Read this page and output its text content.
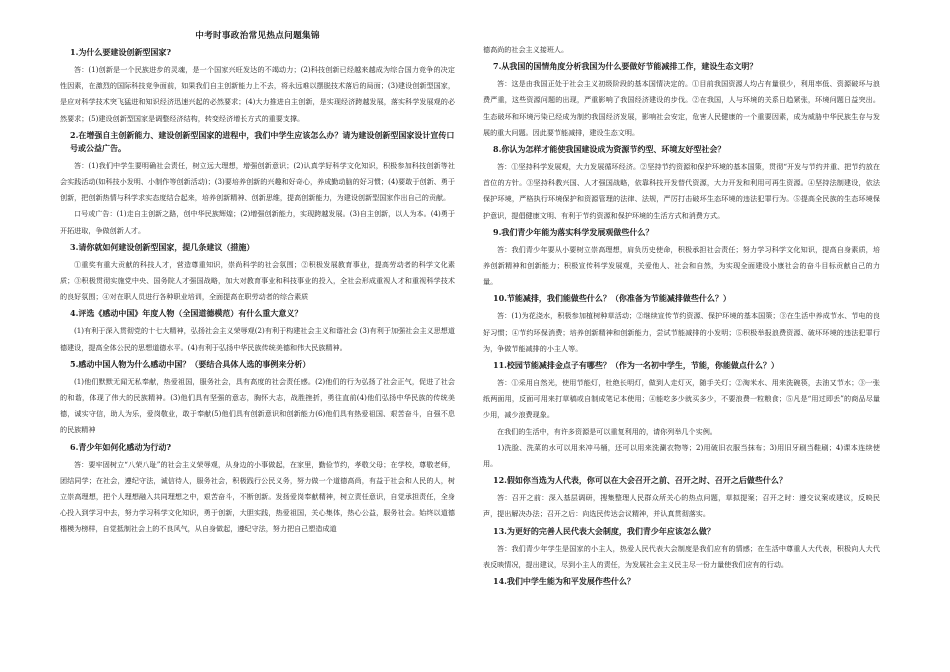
中考时事政治常见热点问题集锦
1.为什么要建设创新型国家?

答：(1)创新是一个民族进步的灵魂，是一个国家兴旺发达的不竭动力；(2)科技创新已经越来越成为综合国力竞争的决定性因素，在激烈的国际科技竞争面前，如果我们自主创新能力上不去，将永远难以摆脱技术落后的局面；(3)建设创新型国家，是应对科学技术突飞猛进和知识经济迅速兴起的必然要求；(4)大力推进自主创新，是实现经济跨越发展，落实科学发展观的必然要求；(5)建设创新型国家是调整经济结构，转变经济增长方式的重要支撑。

2.在增强自主创新能力、建设创新型国家的进程中，我们中学生应该怎么办？请为建设创新型国家设计宣传口号或公益广告。

答：(1)我们中学生要明确社会责任，树立远大理想，增强创新意识；(2)认真学好科学文化知识，积极参加科技创新等社会实践活动(如科技小发明、小制作等创新活动)；(3)要培养创新的兴趣和好奇心，养成勤动脑的好习惯；(4)要敢于创新、勇于创新，把创新热情与科学求实态度结合起来，培养创新精神、创新思维，提高创新能力，为建设创新型国家作出自己的贡献。

口号或广告：(1)走自主创新之路，创中华民族辉煌；(2)增强创新能力，实现跨越发展。(3)自主创新，以人为本。(4)勇于开拓进取，争做创新人才。

3.请你就如何建设创新型国家，提几条建议（措施）

①重奖有重大贡献的科技人才，营造尊重知识，崇尚科学的社会氛围；②积极发展教育事业，提高劳动者的科学文化素质；③积极贯彻实施党中央、国务院人才强国战略，加大对教育事业和科技事业的投入，全社会形成重视人才和重视科学技术的良好氛围；④对在职人员进行各种职业培训，全面提高在职劳动者的综合素质

4.评选《感动中国》年度人物（全国道德模范）有什么重大意义？

(1)有利于深入贯彻党的十七大精神，弘扬社会主义荣辱观(2)有利于构建社会主义和谐社会 (3)有利于加强社会主义思想道德建设，提高全体公民的思想道德水平。(4)有利于弘扬中华民族传统美德和伟大民族精神。

5.感动中国人物为什么感动中国？（要结合具体人选的事例来分析）

(1)他们默默无闻无私奉献，热爱祖国，服务社会，具有高度的社会责任感。(2)他们的行为弘扬了社会正气，促进了社会的和谐，体现了伟大的民族精神。(3)他们具有坚强的意志，胸怀大志，战胜挫折，勇往直前(4)他们弘扬中华民族的传统美德，诚实守信，助人为乐，爱岗敬业，敢于奉献(5)他们具有创新意识和创新能力(6)他们具有热爱祖国、艰苦奋斗，自强不息的民族精神

6.青少年如何化感动为行动?

答：要牢固树立“八荣八耻”的社会主义荣辱观，从身边的小事做起，在家里，勤俭节约，孝敬父母；在学校，尊敬老师，团结同学；在社会，遵纪守法，诚信待人，服务社会，积极践行公民义务，努力做一个道德高尚，有益于社会和人民的人，树立崇高理想，把个人理想融入共同理想之中，艰苦奋斗，不断创新。发扬爱岗奉献精神，树立责任意识，自觉承担责任，全身心投入到学习中去，努力学习科学文化知识，勇于创新，大胆实践，热爱祖国，关心集体，热心公益，服务社会。始终以道德楷模为榜样，自觉抵制社会上的不良风气，从自身做起，遵纪守法，努力把自己塑造成道

德高尚的社会主义接班人。

7.从我国的国情角度分析我国为什么要做好节能减排工作，建设生态文明？

答：这是由我国正处于社会主义初级阶段的基本国情决定的。①目前我国资源人均占有量很少，利用率低、资源破坏与浪费严重，这些资源问题的出现，严重影响了我国经济建设的步伐。②在我国，人与环境的关系日趋紧张，环境问题日益突出。生态破坏和环境污染已经成为制约我国经济发展，影响社会安定，危害人民健康的一个重要因素，成为威胁中华民族生存与发展的重大问题。因此要节能减排，建设生态文明。

8.你认为怎样才能使我国建设成为资源节约型、环境友好型社会？

答：①坚持科学发展观，大力发展循环经济。②坚持节约资源和保护环境的基本国策，贯彻“开发与节约并重、把节约放在首位的方针。③坚持科教兴国、人才强国战略，依靠科技开发替代资源，大力开发和利用可再生资源。④坚持法制建设，依法保护环境，严格执行环境保护和资源管理的法律、法规，严厉打击破坏生态环境的违法犯罪行为。⑤提高全民族的生态环境保护意识，提倡健康文明、有利于节约资源和保护环境的生活方式和消费方式。

9.我们青少年能为落实科学发展观做些什么？

答：我们青少年要从小要树立崇高理想，肩负历史使命，积极承担社会责任；努力学习科学文化知识，提高自身素质，培养创新精神和创新能力；积极宣传科学发展观，关爱他人、社会和自然，为实现全面建设小康社会的奋斗目标贡献自己的力量。

10.节能减排，我们能做些什么？（你准备为节能减排做些什么？）

答：(1)为花浇水，积极参加植树种草活动；②继续宣传节约资源、保护环境的基本国策；③在生活中养成节水、节电的良好习惯；④节约环保消费；培养创新精神和创新能力，尝试节能减排的小发明；⑤积极举报浪费资源、破坏环境的违法犯罪行为，争做节能减排的小主人等。

11.校园节能减排金点子有哪些？（作为一名初中学生，节能，你能做点什么？）

答：①采用自然光，使用节能灯，杜绝长明灯，做到人走灯灭，随手关灯；②淘米水、用来洗碗筷，去油又节水；③一张纸两面用，反面可用来打草稿或自制成笔记本使用；④能吃多少就买多少，不要浪费一粒粮食；⑤凡是“用过即丢”的商品尽量少用，减少浪费现象。

在我们的生活中，有许多资源是可以重复利用的，请你列举几个实例。

1)洗脸、洗菜的水可以用来冲马桶，还可以用来洗涮衣物等；2)用破旧衣服当抹布；3)用旧牙刷当鞋刷；4)课本连续使用。

12.假如你当选为人代表，你可以在大会召开之前、召开之时、召开之后做些什么？

答：召开之前：深入基层调研，搜集整理人民群众所关心的热点问题，草拟提案；召开之时：遵交议案或建议，反映民声，提出解决办法；召开之后：向选民传达会议精神，并认真贯彻落实。

13.为更好的完善人民代表大会制度，我们青少年应该怎么做？

答：我们青少年学生是国家的小主人，热爱人民代表大会制度是我们应有的情感；在生活中尊重人大代表，积极向人大代表反映情况，提出建议，尽到小主人的责任，为发展社会主义民主尽一份力量使我们应有的行动。

14.我们中学生能为和平发展作些什么？
